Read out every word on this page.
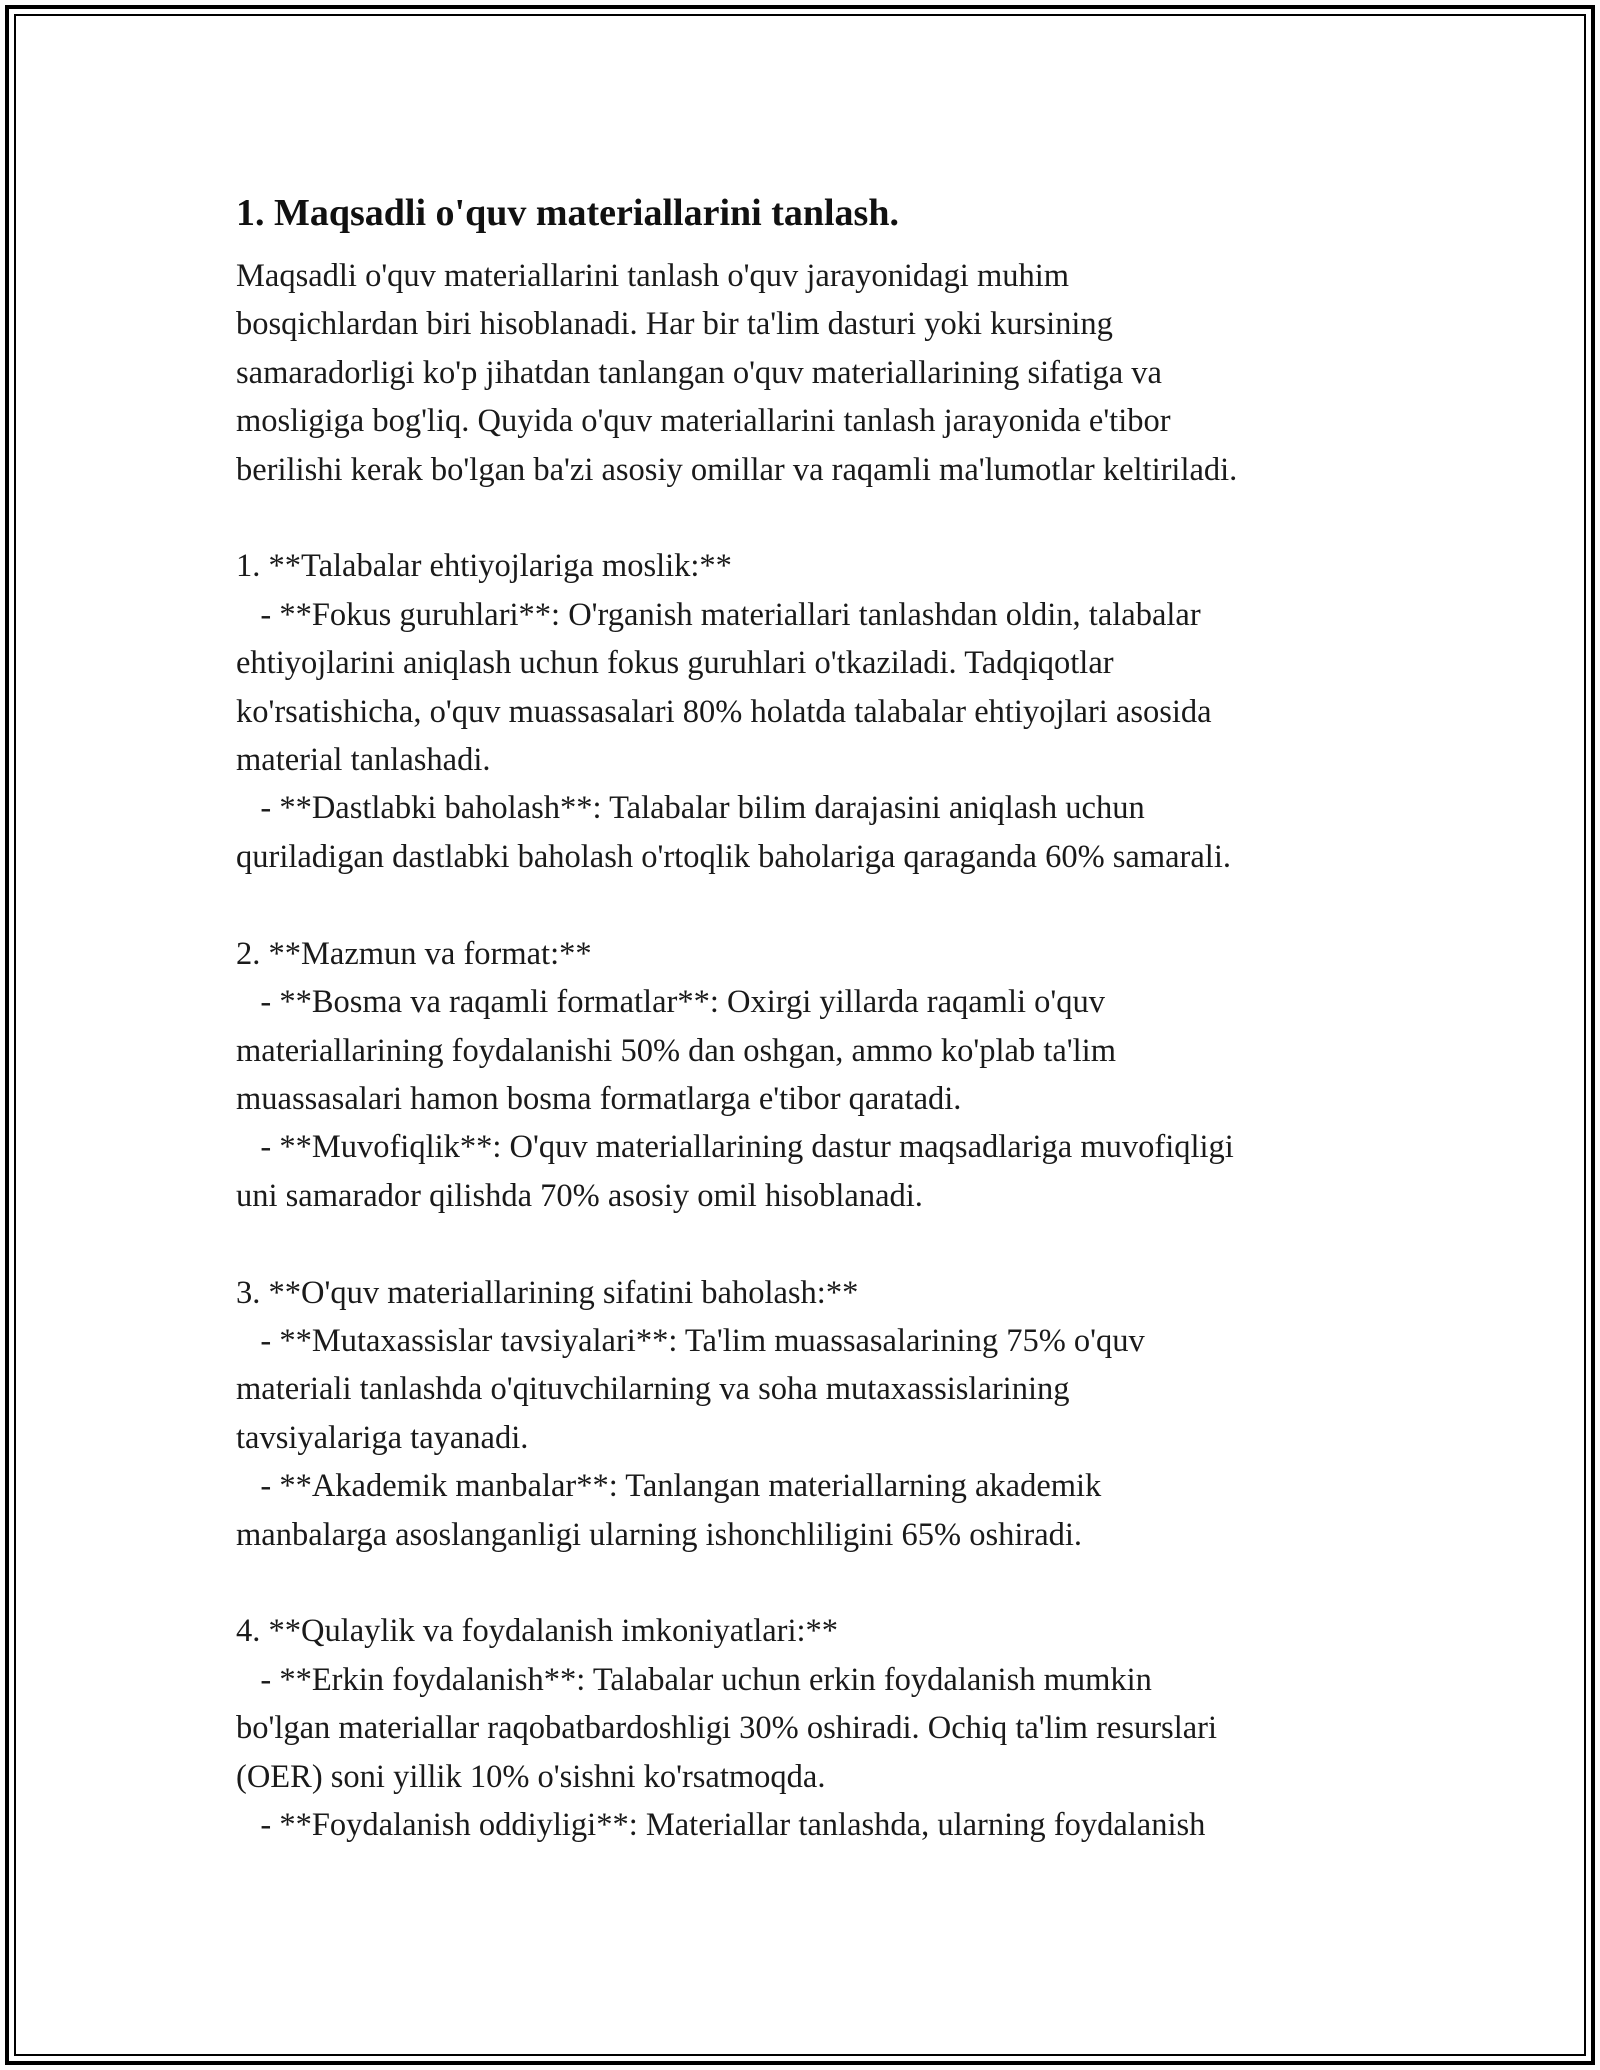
1. Maqsadli o'quv materiallarini tanlash.
Maqsadli o'quv materiallarini tanlash o'quv jarayonidagi muhim
bosqichlardan biri hisoblanadi. Har bir ta'lim dasturi yoki kursining
samaradorligi ko'p jihatdan tanlangan o'quv materiallarining sifatiga va
mosligiga bog'liq. Quyida o'quv materiallarini tanlash jarayonida e'tibor
berilishi kerak bo'lgan ba'zi asosiy omillar va raqamli ma'lumotlar keltiriladi.

1. **Talabalar ehtiyojlariga moslik:**
- **Fokus guruhlari**: O'rganish materiallari tanlashdan oldin, talabalar
ehtiyojlarini aniqlash uchun fokus guruhlari o'tkaziladi. Tadqiqotlar
ko'rsatishicha, o'quv muassasalari 80% holatda talabalar ehtiyojlari asosida
material tanlashadi.
- **Dastlabki baholash**: Talabalar bilim darajasini aniqlash uchun
quriladigan dastlabki baholash o'rtoqlik baholariga qaraganda 60% samarali.

2. **Mazmun va format:**
- **Bosma va raqamli formatlar**: Oxirgi yillarda raqamli o'quv
materiallarining foydalanishi 50% dan oshgan, ammo ko'plab ta'lim
muassasalari hamon bosma formatlarga e'tibor qaratadi.
- **Muvofiqlik**: O'quv materiallarining dastur maqsadlariga muvofiqligi
uni samarador qilishda 70% asosiy omil hisoblanadi.

3. **O'quv materiallarining sifatini baholash:**
- **Mutaxassislar tavsiyalari**: Ta'lim muassasalarining 75% o'quv
materiali tanlashda o'qituvchilarning va soha mutaxassislarining
tavsiyalariga tayanadi.
- **Akademik manbalar**: Tanlangan materiallarning akademik
manbalarga asoslanganligi ularning ishonchliligini 65% oshiradi.

4. **Qulaylik va foydalanish imkoniyatlari:**
- **Erkin foydalanish**: Talabalar uchun erkin foydalanish mumkin
bo'lgan materiallar raqobatbardoshligi 30% oshiradi. Ochiq ta'lim resurslari
(OER) soni yillik 10% o'sishni ko'rsatmoqda.
- **Foydalanish oddiyligi**: Materiallar tanlashda, ularning foydalanish
